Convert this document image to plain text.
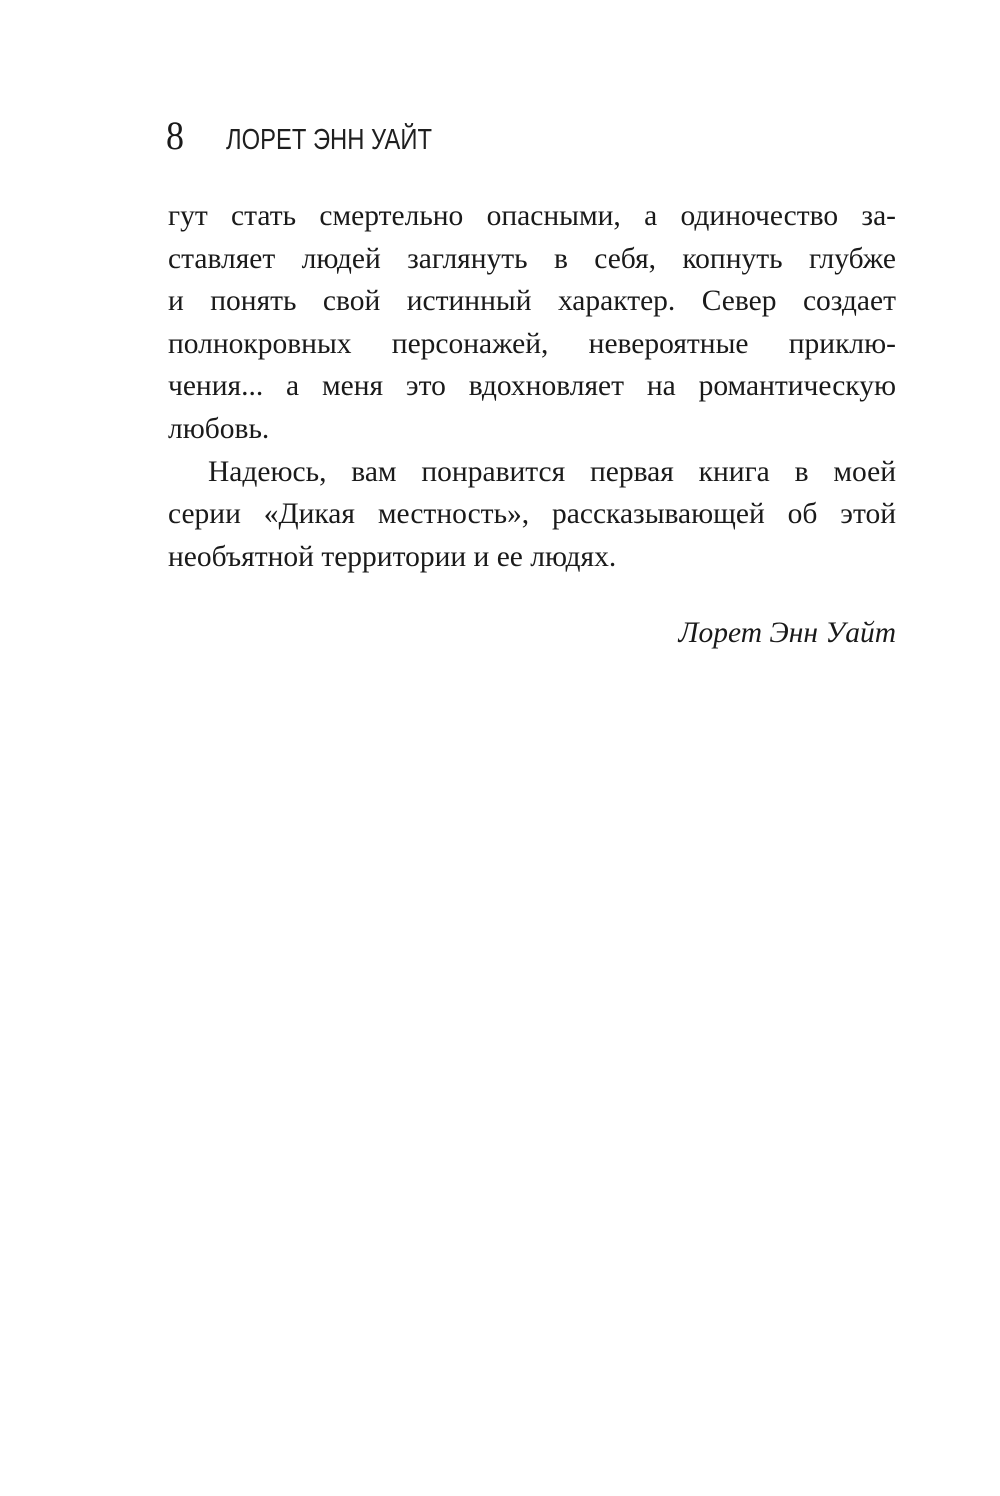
8 ЛОРЕТ ЭНН УАЙТ
гут стать смертельно опасными, а одиночество за-
ставляет людей заглянуть в себя, копнуть глубже
и понять свой истинный характер. Север создает
полнокровных персонажей, невероятные приклю-
чения... а меня это вдохновляет на романтическую
любовь.
Надеюсь, вам понравится первая книга в моей
серии «Дикая местность», рассказывающей об этой
необъятной территории и ее людях.
Лорет Энн Уайт
